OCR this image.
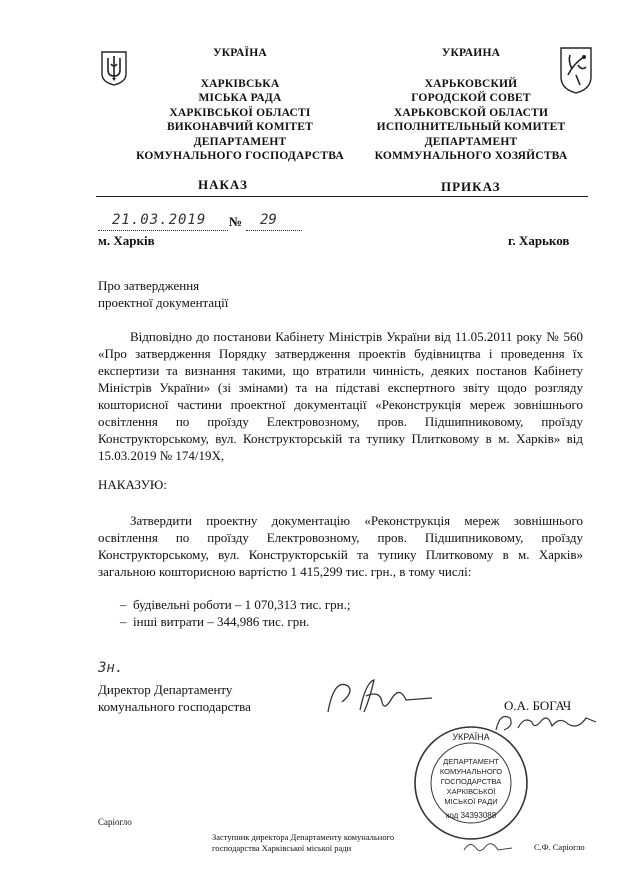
УКРАЇНА
ХАРКІВСЬКА
МІСЬКА РАДА
ХАРКІВСЬКОЇ ОБЛАСТІ
ВИКОНАВЧИЙ КОМІТЕТ
ДЕПАРТАМЕНТ
КОМУНАЛЬНОГО ГОСПОДАРСТВА
УКРАИНА
ХАРЬКОВСКИЙ
ГОРОДСКОЙ СОВЕТ
ХАРЬКОВСКОЙ ОБЛАСТИ
ИСПОЛНИТЕЛЬНЫЙ КОМИТЕТ
ДЕПАРТАМЕНТ
КОММУНАЛЬНОГО ХОЗЯЙСТВА
НАКАЗ	ПРИКАЗ
21.03.2019 № 29
м. Харків	г. Харьков
Про затвердження
проектної документації
Відповідно до постанови Кабінету Міністрів України від 11.05.2011 року № 560 «Про затвердження Порядку затвердження проектів будівництва і проведення їх експертизи та визнання такими, що втратили чинність, деяких постанов Кабінету Міністрів України» (зі змінами) та на підставі експертного звіту щодо розгляду кошторисної частини проектної документації «Реконструкція мереж зовнішнього освітлення по проїзду Електровозному, пров. Підшипниковому, проїзду Конструкторському, вул. Конструкторській та тупику Плитковому в м. Харків» від 15.03.2019 № 174/19Х,
НАКАЗУЮ:
Затвердити проектну документацію «Реконструкція мереж зовнішнього освітлення по проїзду Електровозному, пров. Підшипниковому, проїзду Конструкторському, вул. Конструкторській та тупику Плитковому в м. Харків» загальною кошторисною вартістю 1 415,299 тис. грн., в тому числі:
–  будівельні роботи – 1 070,313 тис. грн.;
–  інші витрати – 344,986 тис. грн.
Зн.
Директор Департаменту
комунального господарства	О.А. БОГАЧ
УКРАЇНА
ДЕПАРТАМЕНТ
КОМУНАЛЬНОГО
ГОСПОДАРСТВА
ХАРКІВСЬКОЇ
МІСЬКОЇ РАДИ
код 34393088
Саріогло
Заступник директора Департаменту комунального
господарства Харківської міської ради	С.Ф. Саріогло
